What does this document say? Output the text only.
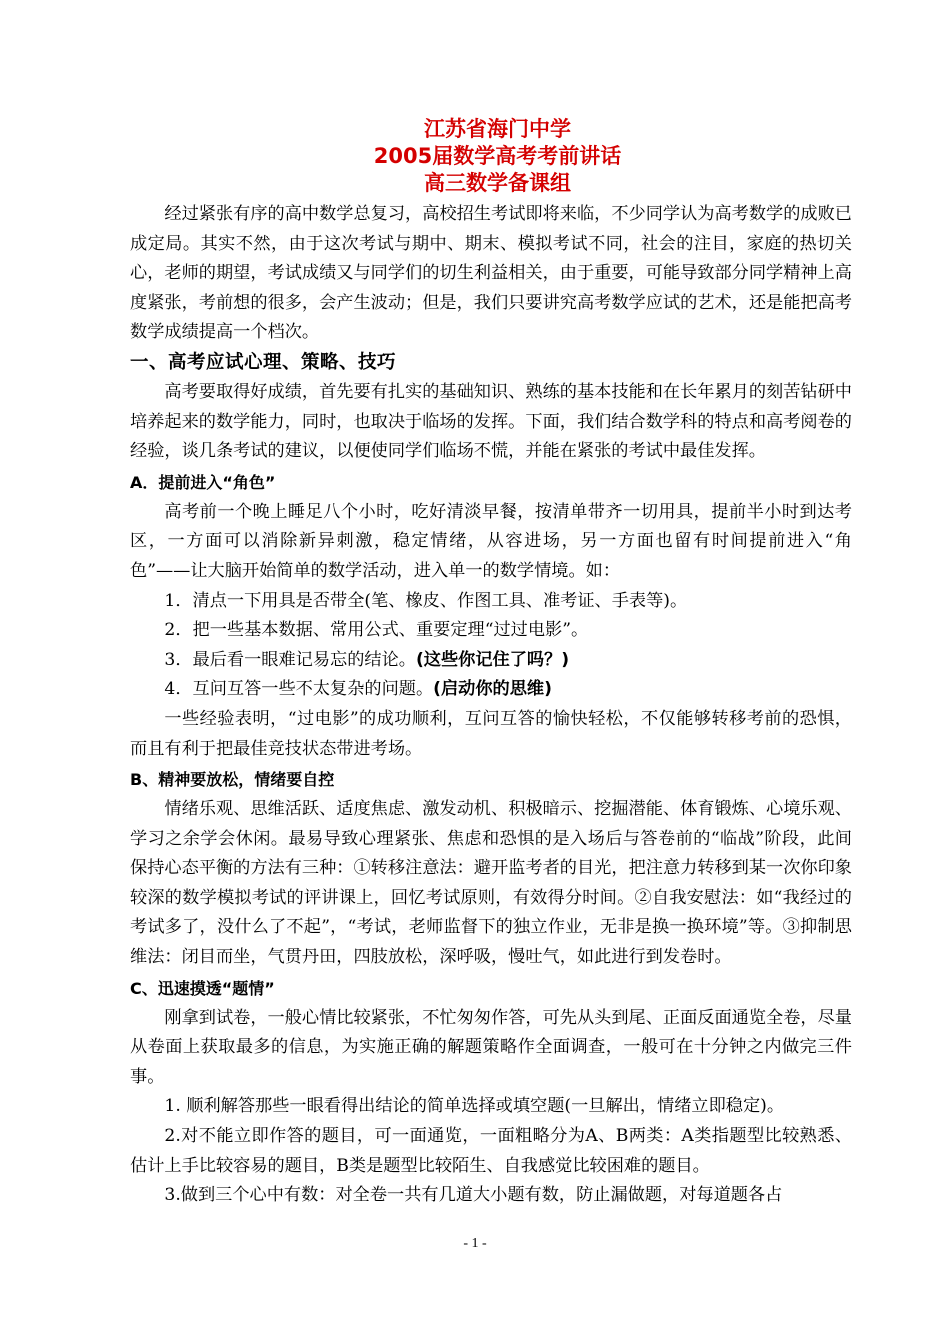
江苏省海门中学
2005届数学高考考前讲话
高三数学备课组

经过紧张有序的高中数学总复习，高校招生考试即将来临，不少同学认为高考数学的成败已成定局。其实不然，由于这次考试与期中、期末、模拟考试不同，社会的注目，家庭的热切关心，老师的期望，考试成绩又与同学们的切生利益相关，由于重要，可能导致部分同学精神上高度紧张，考前想的很多，会产生波动；但是，我们只要讲究高考数学应试的艺术，还是能把高考数学成绩提高一个档次。

一、高考应试心理、策略、技巧

高考要取得好成绩，首先要有扎实的基础知识、熟练的基本技能和在长年累月的刻苦钻研中培养起来的数学能力，同时，也取决于临场的发挥。下面，我们结合数学科的特点和高考阅卷的经验，谈几条考试的建议，以便使同学们临场不慌，并能在紧张的考试中最佳发挥。

A．提前进入“角色”

高考前一个晚上睡足八个小时，吃好清淡早餐，按清单带齐一切用具，提前半小时到达考区，一方面可以消除新异刺激，稳定情绪，从容进场，另一方面也留有时间提前进入“角色”——让大脑开始简单的数学活动，进入单一的数学情境。如：

1．清点一下用具是否带全(笔、橡皮、作图工具、准考证、手表等)。

2．把一些基本数据、常用公式、重要定理“过过电影”。

3．最后看一眼难记易忘的结论。(这些你记住了吗？)

4．互问互答一些不太复杂的问题。(启动你的思维)

一些经验表明，“过电影”的成功顺利，互问互答的愉快轻松，不仅能够转移考前的恐惧，而且有利于把最佳竞技状态带进考场。

B、精神要放松，情绪要自控

情绪乐观、思维活跃、适度焦虑、激发动机、积极暗示、挖掘潜能、体育锻炼、心境乐观、学习之余学会休闲。最易导致心理紧张、焦虑和恐惧的是入场后与答卷前的“临战”阶段，此间保持心态平衡的方法有三种：①转移注意法：避开监考者的目光，把注意力转移到某一次你印象较深的数学模拟考试的评讲课上，回忆考试原则，有效得分时间。②自我安慰法：如“我经过的考试多了，没什么了不起”，“考试，老师监督下的独立作业，无非是换一换环境”等。③抑制思维法：闭目而坐，气贯丹田，四肢放松，深呼吸，慢吐气，如此进行到发卷时。

C、迅速摸透“题情”

刚拿到试卷，一般心情比较紧张，不忙匆匆作答，可先从头到尾、正面反面通览全卷，尽量从卷面上获取最多的信息，为实施正确的解题策略作全面调查，一般可在十分钟之内做完三件事。

1. 顺利解答那些一眼看得出结论的简单选择或填空题(一旦解出，情绪立即稳定)。

2.对不能立即作答的题目，可一面通览，一面粗略分为A、B两类：A类指题型比较熟悉、估计上手比较容易的题目，B类是题型比较陌生、自我感觉比较困难的题目。

3.做到三个心中有数：对全卷一共有几道大小题有数，防止漏做题，对每道题各占

- 1 -
